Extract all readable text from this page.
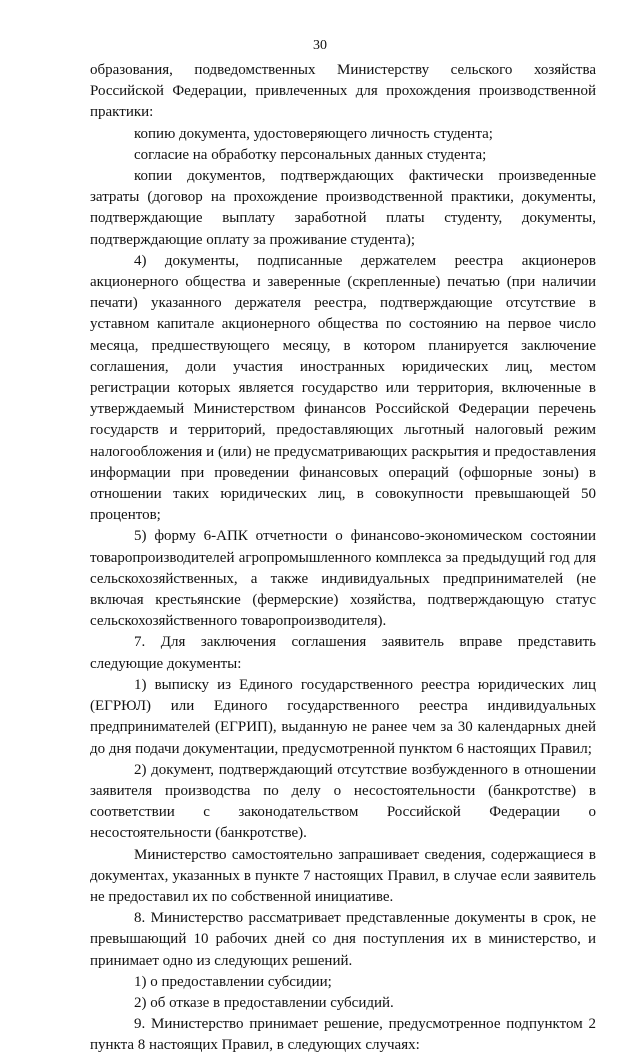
30

образования, подведомственных Министерству сельского хозяйства Российской Федерации, привлеченных для прохождения производственной практики:

копию документа, удостоверяющего личность студента;

согласие на обработку персональных данных студента;

копии документов, подтверждающих фактически произведенные затраты (договор на прохождение производственной практики, документы, подтверждающие выплату заработной платы студенту, документы, подтверждающие оплату за проживание студента);

4) документы, подписанные держателем реестра акционеров акционерного общества и заверенные (скрепленные) печатью (при наличии печати) указанного держателя реестра, подтверждающие отсутствие в уставном капитале акционерного общества по состоянию на первое число месяца, предшествующего месяцу, в котором планируется заключение соглашения, доли участия иностранных юридических лиц, местом регистрации которых является государство или территория, включенные в утверждаемый Министерством финансов Российской Федерации перечень государств и территорий, предоставляющих льготный налоговый режим налогообложения и (или) не предусматривающих раскрытия и предоставления информации при проведении финансовых операций (офшорные зоны) в отношении таких юридических лиц, в совокупности превышающей 50 процентов;

5) форму 6-АПК отчетности о финансово-экономическом состоянии товаропроизводителей агропромышленного комплекса за предыдущий год для сельскохозяйственных, а также индивидуальных предпринимателей (не включая крестьянские (фермерские) хозяйства, подтверждающую статус сельскохозяйственного товаропроизводителя).

7. Для заключения соглашения заявитель вправе представить следующие документы:

1) выписку из Единого государственного реестра юридических лиц (ЕГРЮЛ) или Единого государственного реестра индивидуальных предпринимателей (ЕГРИП), выданную не ранее чем за 30 календарных дней до дня подачи документации, предусмотренной пунктом 6 настоящих Правил;

2) документ, подтверждающий отсутствие возбужденного в отношении заявителя производства по делу о несостоятельности (банкротстве) в соответствии с законодательством Российской Федерации о несостоятельности (банкротстве).

Министерство самостоятельно запрашивает сведения, содержащиеся в документах, указанных в пункте 7 настоящих Правил, в случае если заявитель не предоставил их по собственной инициативе.

8. Министерство рассматривает представленные документы в срок, не превышающий 10 рабочих дней со дня поступления их в министерство, и принимает одно из следующих решений.

1) о предоставлении субсидии;

2) об отказе в предоставлении субсидий.

9. Министерство принимает решение, предусмотренное подпунктом 2 пункта 8 настоящих Правил, в следующих случаях:
